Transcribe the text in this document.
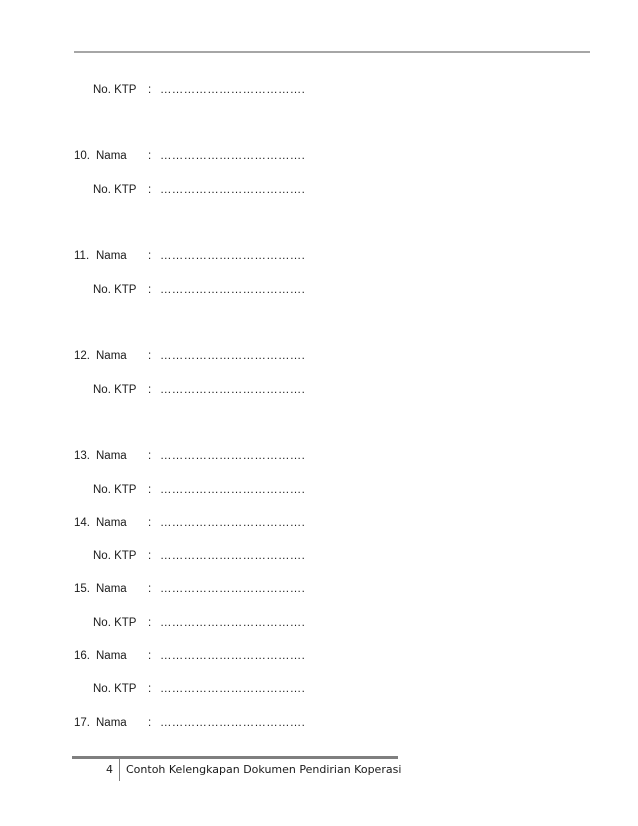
No. KTP : ……………………………….
10. Nama : ……………………………….
No. KTP : ……………………………….
11. Nama : ……………………………….
No. KTP : ……………………………….
12. Nama : ……………………………….
No. KTP : ……………………………….
13. Nama : ……………………………….
No. KTP : ……………………………….
14. Nama : ……………………………….
No. KTP : ……………………………….
15. Nama : ……………………………….
No. KTP : ……………………………….
16. Nama : ……………………………….
No. KTP : ……………………………….
17. Nama : ……………………………….
4 Contoh Kelengkapan Dokumen Pendirian Koperasi
